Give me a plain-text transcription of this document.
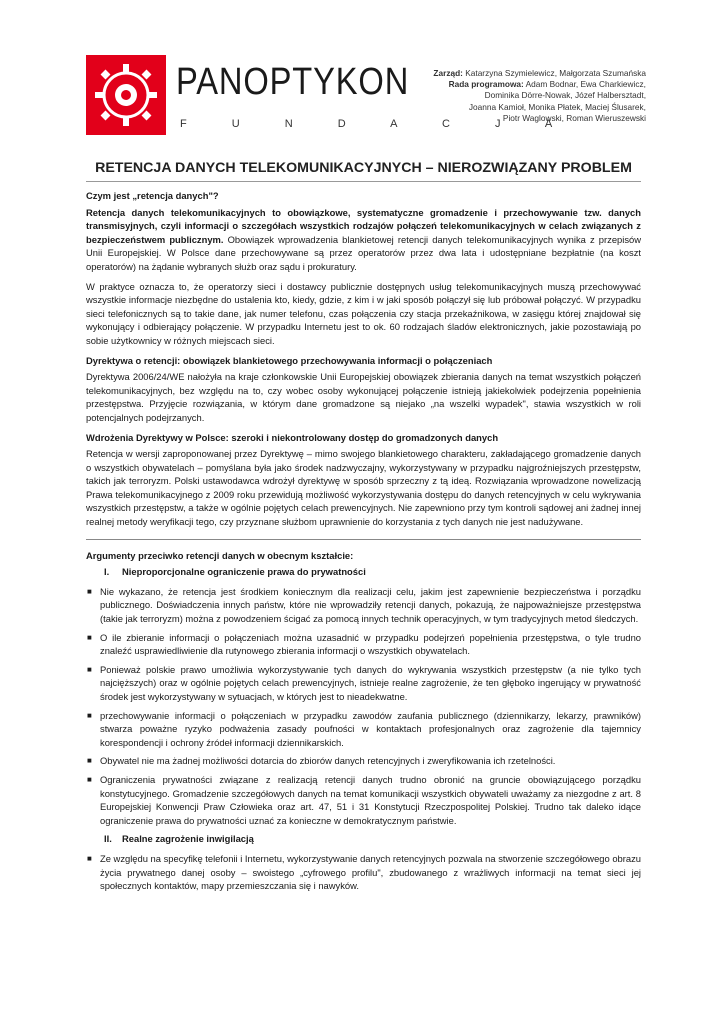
PANOPTYKON
F U N D A C J A
Zarząd: Katarzyna Szymielewicz, Małgorzata Szumańska
Rada programowa: Adam Bodnar, Ewa Charkiewicz,
Dominika Dörre-Nowak, Józef Halbersztadt,
Joanna Kamioł, Monika Płatek, Maciej Ślusarek,
Piotr Waglowski, Roman Wieruszewski
RETENCJA DANYCH TELEKOMUNIKACYJNYCH – NIEROZWIĄZANY PROBLEM
Czym jest „retencja danych"?

Retencja danych telekomunikacyjnych to obowiązkowe, systematyczne gromadzenie i przechowywanie tzw. danych transmisyjnych, czyli informacji o szczegółach wszystkich rodzajów połączeń telekomunikacyjnych w celach związanych z bezpieczeństwem publicznym. Obowiązek wprowadzenia blankietowej retencji danych telekomunikacyjnych wynika z przepisów Unii Europejskiej. W Polsce dane przechowywane są przez operatorów przez dwa lata i udostępniane bezpłatnie (na koszt operatorów) na żądanie wybranych służb oraz sądu i prokuratury.

W praktyce oznacza to, że operatorzy sieci i dostawcy publicznie dostępnych usług telekomunikacyjnych muszą przechowywać wszystkie informacje niezbędne do ustalenia kto, kiedy, gdzie, z kim i w jaki sposób połączył się lub próbował połączyć. W przypadku sieci telefonicznych są to takie dane, jak numer telefonu, czas połączenia czy stacja przekaźnikowa, w zasięgu której znajdował się wykonujący i odbierający połączenie. W przypadku Internetu jest to ok. 60 rodzajach śladów elektronicznych, jakie pozostawiają po sobie użytkownicy w różnych miejscach sieci.

Dyrektywa o retencji: obowiązek blankietowego przechowywania informacji o połączeniach

Dyrektywa 2006/24/WE nałożyła na kraje członkowskie Unii Europejskiej obowiązek zbierania danych na temat wszystkich połączeń telekomunikacyjnych, bez względu na to, czy wobec osoby wykonującej połączenie istnieją jakiekolwiek podejrzenia popełnienia przestępstwa. Przyjęcie rozwiązania, w którym dane gromadzone są niejako „na wszelki wypadek", stawia wszystkich w roli potencjalnych podejrzanych.

Wdrożenia Dyrektywy w Polsce: szeroki i niekontrolowany dostęp do gromadzonych danych

Retencja w wersji zaproponowanej przez Dyrektywę – mimo swojego blankietowego charakteru, zakładającego gromadzenie danych o wszystkich obywatelach – pomyślana była jako środek nadzwyczajny, wykorzystywany w przypadku najgroźniejszych przestępstw, takich jak terroryzm. Polski ustawodawca wdrożył dyrektywę w sposób sprzeczny z tą ideą. Rozwiązania wprowadzone nowelizacją Prawa telekomunikacyjnego z 2009 roku przewidują możliwość wykorzystywania dostępu do danych retencyjnych w celu wykrywania wszystkich przestępstw, a także w ogólnie pojętych celach prewencyjnych. Nie zapewniono przy tym kontroli sądowej ani żadnej innej realnej metody weryfikacji tego, czy przyznane służbom uprawnienie do korzystania z tych danych nie jest nadużywane.

Argumenty przeciwko retencji danych w obecnym kształcie:
I. Nieproporcjonalne ograniczenie prawa do prywatności
■ Nie wykazano, że retencja jest środkiem koniecznym dla realizacji celu, jakim jest zapewnienie bezpieczeństwa i porządku publicznego. Doświadczenia innych państw, które nie wprowadziły retencji danych, pokazują, że najpoważniejsze przestępstwa (takie jak terroryzm) można z powodzeniem ścigać za pomocą innych technik operacyjnych, w tym tradycyjnych metod śledczych.
■ O ile zbieranie informacji o połączeniach można uzasadnić w przypadku podejrzeń popełnienia przestępstwa, o tyle trudno znaleźć usprawiedliwienie dla rutynowego zbierania informacji o wszystkich obywatelach.
■ Ponieważ polskie prawo umożliwia wykorzystywanie tych danych do wykrywania wszystkich przestępstw (a nie tylko tych najcięższych) oraz w ogólnie pojętych celach prewencyjnych, istnieje realne zagrożenie, że ten głęboko ingerujący w prywatność środek jest wykorzystywany w sytuacjach, w których jest to nieadekwatne.
■ przechowywanie informacji o połączeniach w przypadku zawodów zaufania publicznego (dziennikarzy, lekarzy, prawników) stwarza poważne ryzyko podważenia zasady poufności w kontaktach profesjonalnych oraz zagrożenie dla tajemnicy korespondencji i ochrony źródeł informacji dziennikarskich.
■ Obywatel nie ma żadnej możliwości dotarcia do zbiorów danych retencyjnych i zweryfikowania ich rzetelności.
■ Ograniczenia prywatności związane z realizacją retencji danych trudno obronić na gruncie obowiązującego porządku konstytucyjnego. Gromadzenie szczegółowych danych na temat komunikacji wszystkich obywateli uważamy za niezgodne z art. 8 Europejskiej Konwencji Praw Człowieka oraz art. 47, 51 i 31 Konstytucji Rzeczpospolitej Polskiej. Trudno tak daleko idące ograniczenie prawa do prywatności uznać za konieczne w demokratycznym państwie.
II. Realne zagrożenie inwigilacją
■ Ze względu na specyfikę telefonii i Internetu, wykorzystywanie danych retencyjnych pozwala na stworzenie szczegółowego obrazu życia prywatnego danej osoby – swoistego „cyfrowego profilu", zbudowanego z wrażliwych informacji na temat sieci jej społecznych kontaktów, mapy przemieszczania się i nawyków.
